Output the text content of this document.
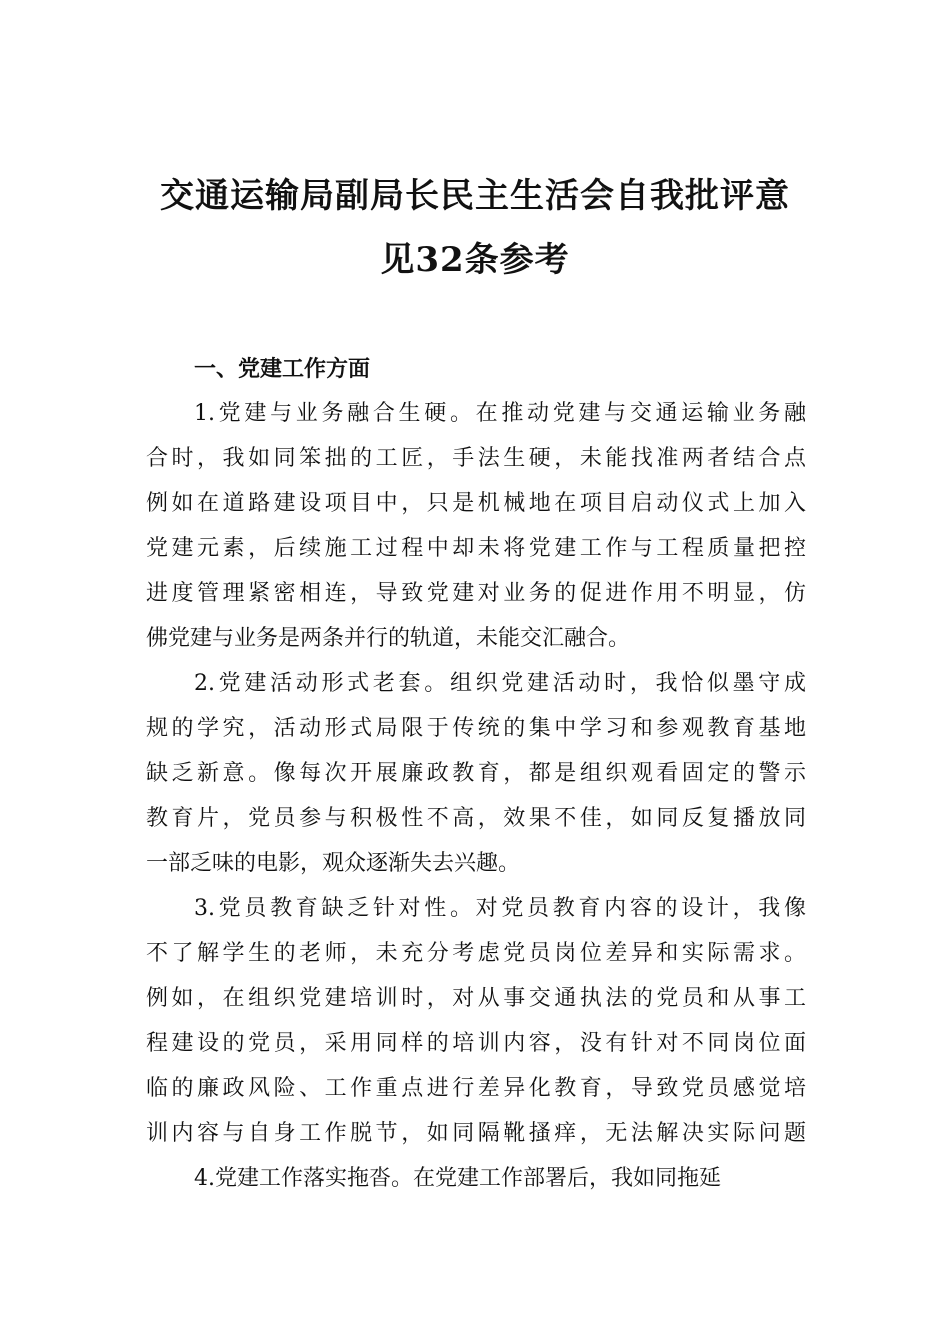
交通运输局副局长民主生活会自我批评意
见32条参考
一、党建工作方面
1.党建与业务融合生硬。在推动党建与交通运输业务融
合时，我如同笨拙的工匠，手法生硬，未能找准两者结合点
例如在道路建设项目中，只是机械地在项目启动仪式上加入
党建元素，后续施工过程中却未将党建工作与工程质量把控
进度管理紧密相连，导致党建对业务的促进作用不明显，仿
佛党建与业务是两条并行的轨道，未能交汇融合。
2.党建活动形式老套。组织党建活动时，我恰似墨守成
规的学究，活动形式局限于传统的集中学习和参观教育基地
缺乏新意。像每次开展廉政教育，都是组织观看固定的警示
教育片，党员参与积极性不高，效果不佳，如同反复播放同
一部乏味的电影，观众逐渐失去兴趣。
3.党员教育缺乏针对性。对党员教育内容的设计，我像
不了解学生的老师，未充分考虑党员岗位差异和实际需求。
例如，在组织党建培训时，对从事交通执法的党员和从事工
程建设的党员，采用同样的培训内容，没有针对不同岗位面
临的廉政风险、工作重点进行差异化教育，导致党员感觉培
训内容与自身工作脱节，如同隔靴搔痒，无法解决实际问题
4.党建工作落实拖沓。在党建工作部署后，我如同拖延
